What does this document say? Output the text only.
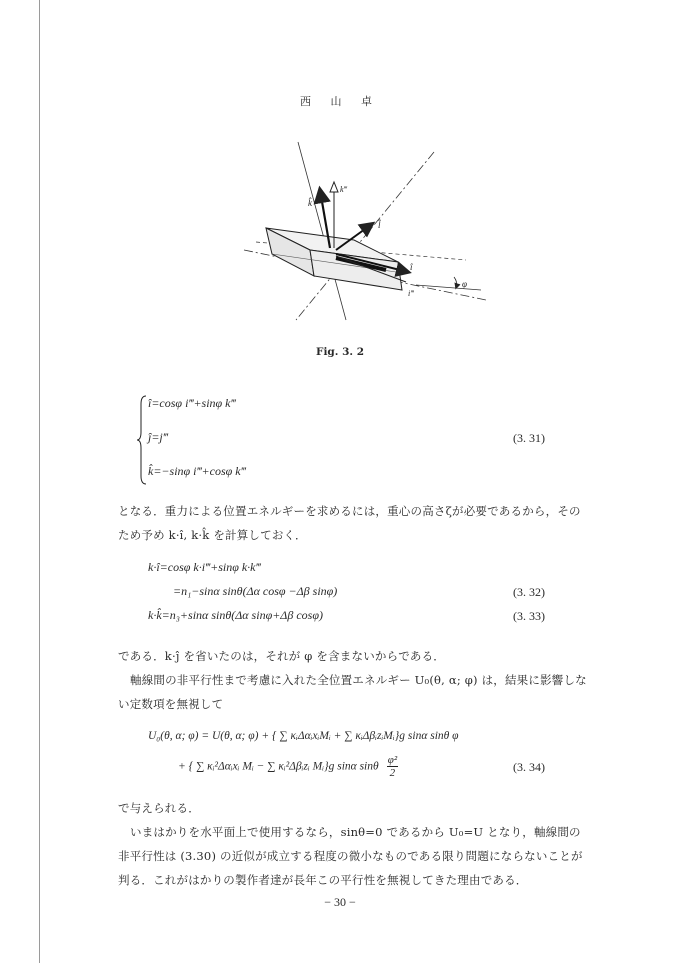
西 山 卓
k̂
k‴
l̂
î
i‴
φ
Fig. 3. 2
î=cosφ i‴+sinφ k‴
ĵ=j‴
k̂=−sinφ i‴+cosφ k‴
(3. 31)
となる．重力による位置エネルギーを求めるには，重心の高さζが必要であるから，その
ため予め k·î, k·k̂ を計算しておく．
k·î=cosφ k·i‴+sinφ k·k‴
=n₁−sinα sinθ(Δα cosφ −Δβ sinφ)	(3. 32)
k·k̂=n₃+sinα sinθ(Δα sinφ+Δβ cosφ)	(3. 33)
である．k·ĵ を省いたのは，それが φ を含まないからである．
軸線間の非平行性まで考慮に入れた全位置エネルギー U₀(θ, α; φ) は，結果に影響しな
い定数項を無視して
U₀(θ, α; φ) = U(θ, α; φ) + { ∑ κᵢΔαᵢxᵢMᵢ + ∑ κᵢΔβᵢzᵢMᵢ}g sinα sinθ φ
+ { ∑ κᵢ²Δαᵢxᵢ Mᵢ − ∑ κᵢ²Δβᵢzᵢ Mᵢ}g sinα sinθ $\frac{\text{φ²}}{2}$	(3. 34)
で与えられる．
いまはかりを水平面上で使用するなら，sinθ=0 であるから U₀=U となり，軸線間の
非平行性は (3.30) の近似が成立する程度の微小なものである限り問題にならないことが
判る．これがはかりの製作者達が長年この平行性を無視してきた理由である．
− 30 −
